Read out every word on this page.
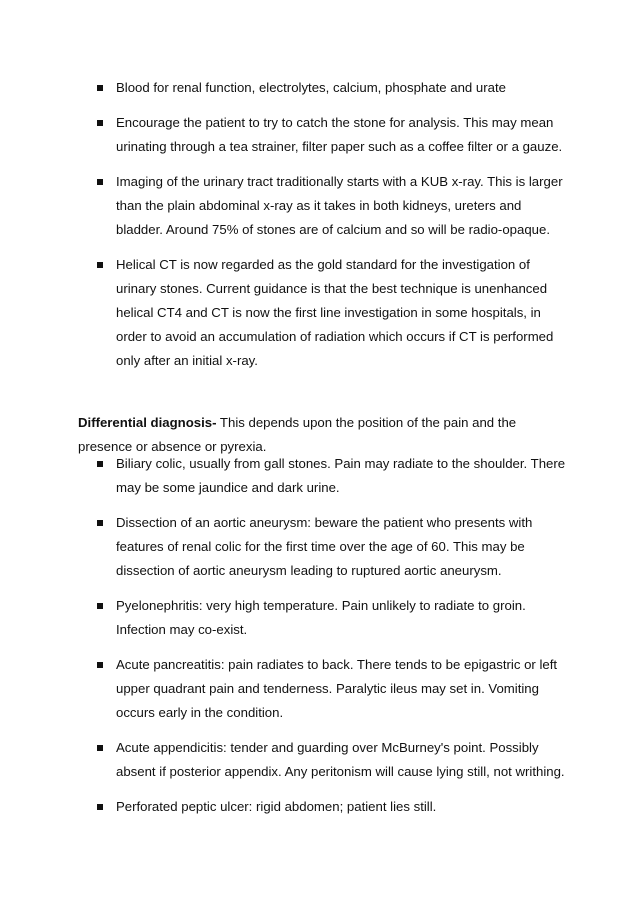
Blood for renal function, electrolytes, calcium, phosphate and urate
Encourage the patient to try to catch the stone for analysis. This may mean urinating through a tea strainer, filter paper such as a coffee filter or a gauze.
Imaging of the urinary tract traditionally starts with a KUB x-ray. This is larger than the plain abdominal x-ray as it takes in both kidneys, ureters and bladder. Around 75% of stones are of calcium and so will be radio-opaque.
Helical CT is now regarded as the gold standard for the investigation of urinary stones. Current guidance is that the best technique is unenhanced helical CT4 and CT is now the first line investigation in some hospitals, in order to avoid an accumulation of radiation which occurs if CT is performed only after an initial x-ray.

Differential diagnosis- This depends upon the position of the pain and the presence or absence or pyrexia.

Biliary colic, usually from gall stones. Pain may radiate to the shoulder. There may be some jaundice and dark urine.
Dissection of an aortic aneurysm: beware the patient who presents with features of renal colic for the first time over the age of 60. This may be dissection of aortic aneurysm leading to ruptured aortic aneurysm.
Pyelonephritis: very high temperature. Pain unlikely to radiate to groin. Infection may co-exist.
Acute pancreatitis: pain radiates to back. There tends to be epigastric or left upper quadrant pain and tenderness. Paralytic ileus may set in. Vomiting occurs early in the condition.
Acute appendicitis: tender and guarding over McBurney's point. Possibly absent if posterior appendix. Any peritonism will cause lying still, not writhing.
Perforated peptic ulcer: rigid abdomen; patient lies still.
